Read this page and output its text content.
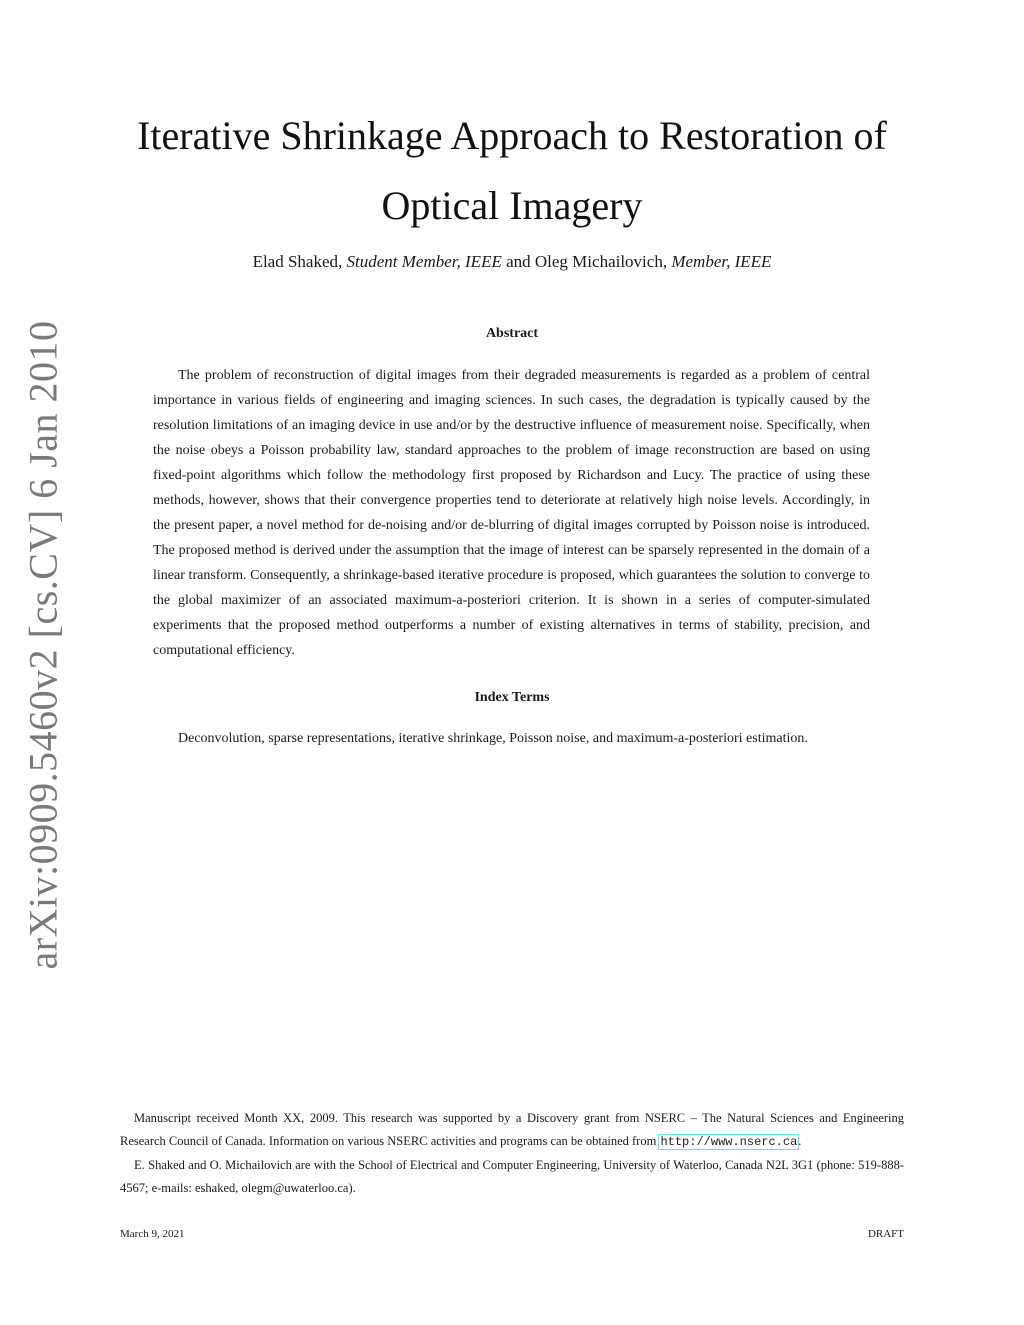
arXiv:0909.5460v2 [cs.CV] 6 Jan 2010
Iterative Shrinkage Approach to Restoration of
Optical Imagery
Elad Shaked, Student Member, IEEE and Oleg Michailovich, Member, IEEE
Abstract

The problem of reconstruction of digital images from their degraded measurements is regarded as a problem of central importance in various fields of engineering and imaging sciences. In such cases, the degradation is typically caused by the resolution limitations of an imaging device in use and/or by the destructive influence of measurement noise. Specifically, when the noise obeys a Poisson probability law, standard approaches to the problem of image reconstruction are based on using fixed-point algorithms which follow the methodology first proposed by Richardson and Lucy. The practice of using these methods, however, shows that their convergence properties tend to deteriorate at relatively high noise levels. Accordingly, in the present paper, a novel method for de-noising and/or de-blurring of digital images corrupted by Poisson noise is introduced. The proposed method is derived under the assumption that the image of interest can be sparsely represented in the domain of a linear transform. Consequently, a shrinkage-based iterative procedure is proposed, which guarantees the solution to converge to the global maximizer of an associated maximum-a-posteriori criterion. It is shown in a series of computer-simulated experiments that the proposed method outperforms a number of existing alternatives in terms of stability, precision, and computational efficiency.

Index Terms

Deconvolution, sparse representations, iterative shrinkage, Poisson noise, and maximum-a-posteriori estimation.

Manuscript received Month XX, 2009. This research was supported by a Discovery grant from NSERC – The Natural Sciences and Engineering Research Council of Canada. Information on various NSERC activities and programs can be obtained from http://www.nserc.ca.

E. Shaked and O. Michailovich are with the School of Electrical and Computer Engineering, University of Waterloo, Canada N2L 3G1 (phone: 519-888-4567; e-mails: eshaked, olegm@uwaterloo.ca).

March 9, 2021	DRAFT
